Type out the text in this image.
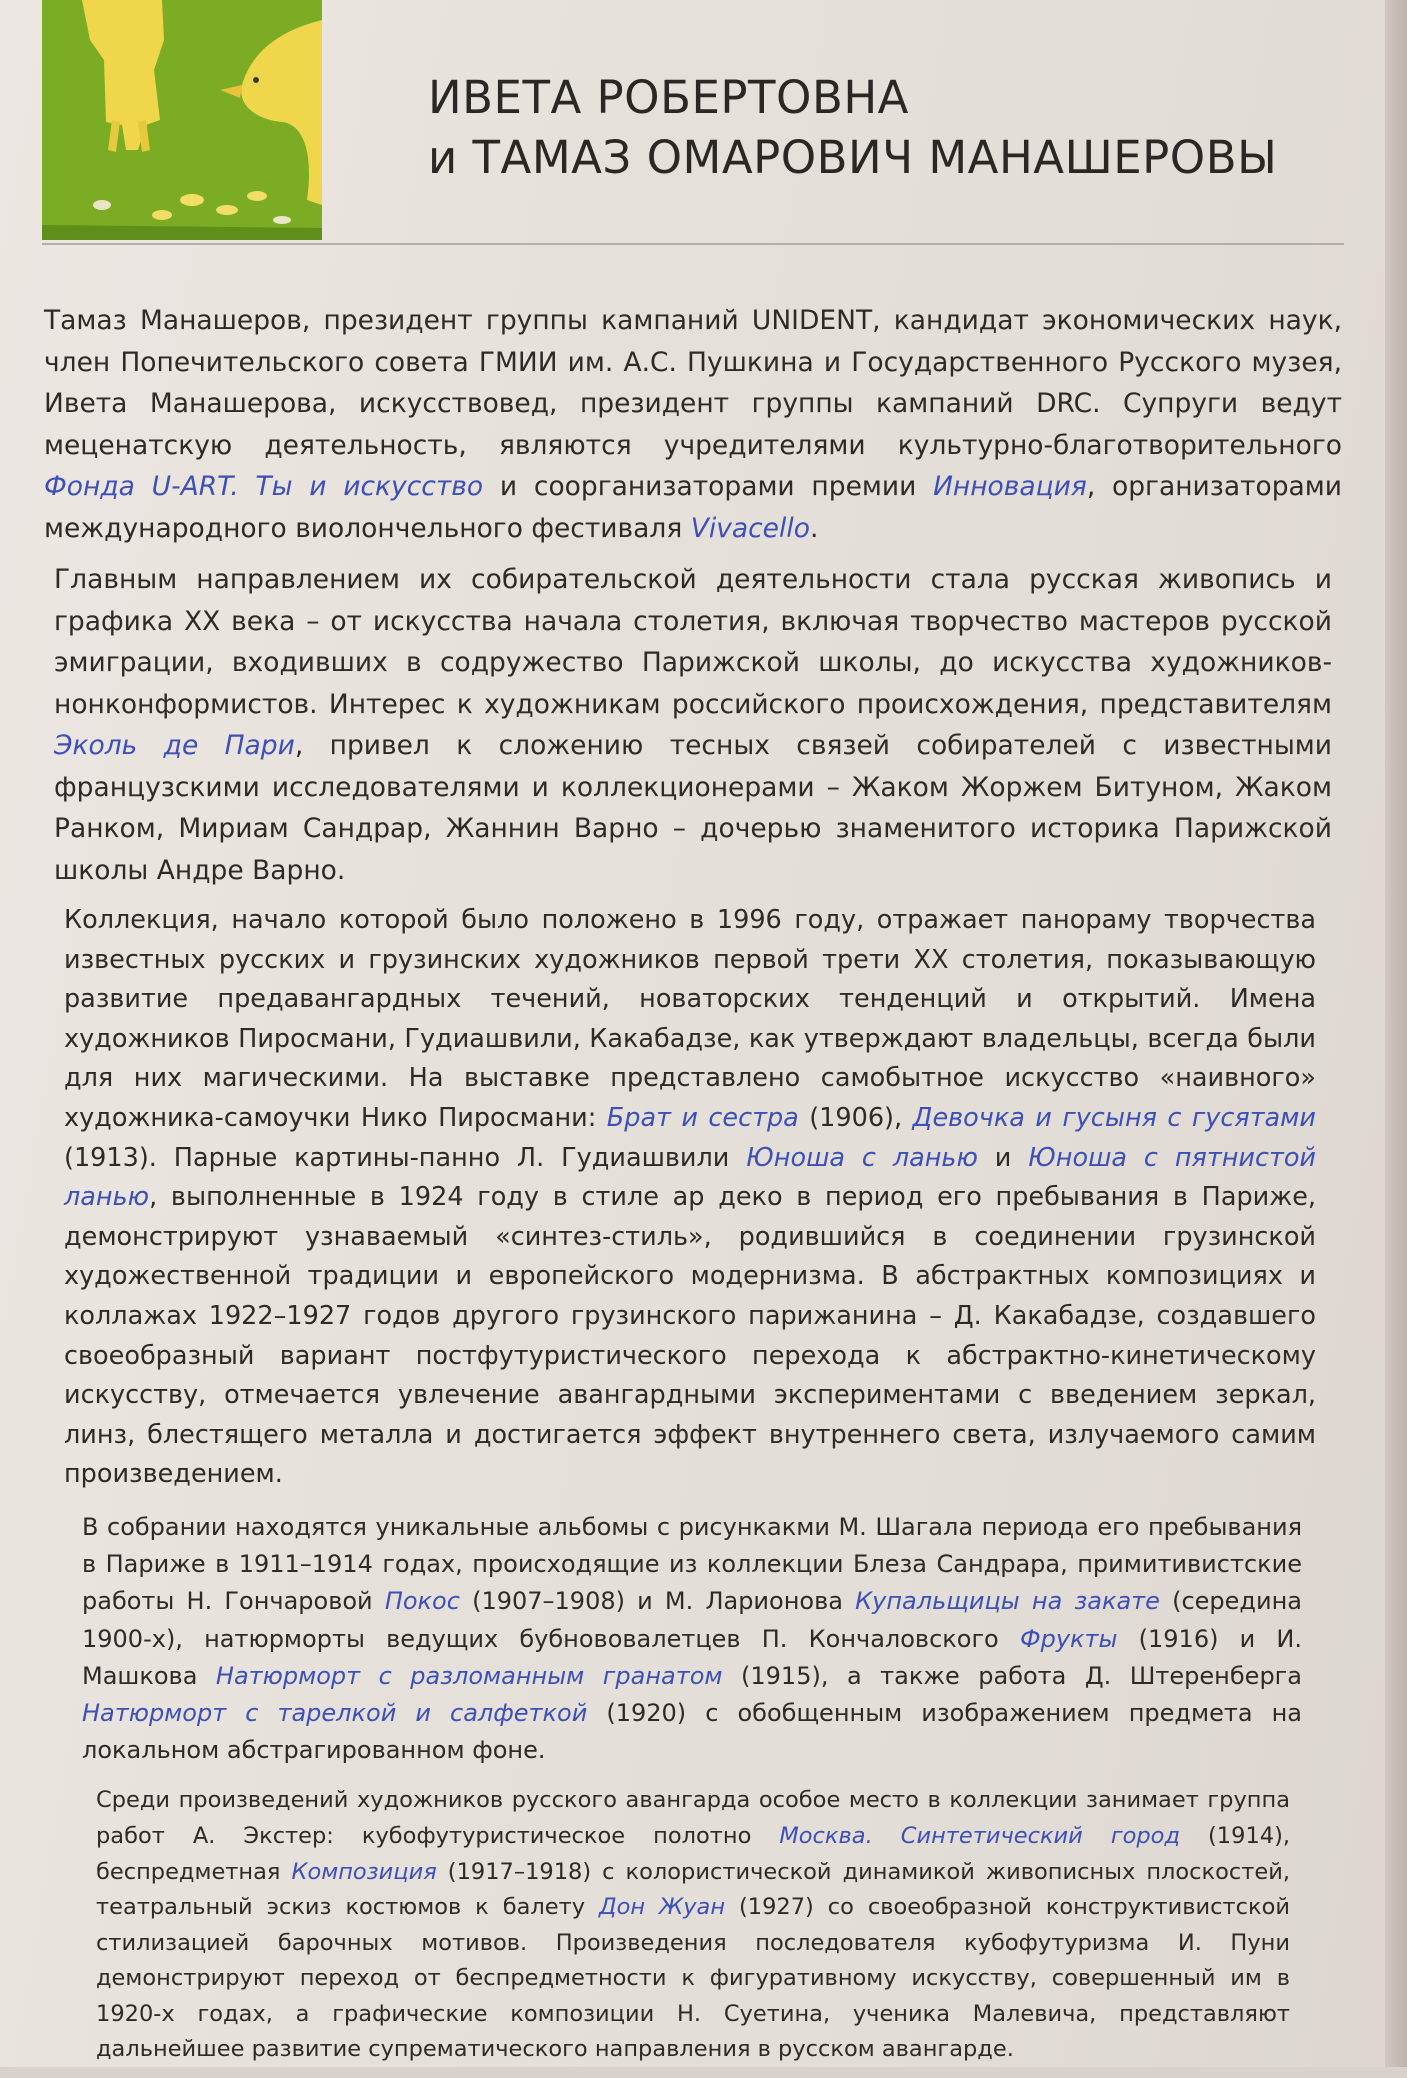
ИВЕТА РОБЕРТОВНА
и ТАМАЗ ОМАРОВИЧ МАНАШЕРОВЫ

Тамаз Манашеров, президент группы кампаний UNIDENT, кандидат экономических наук, член Попечительского совета ГМИИ им. А.С. Пушкина и Государственного Русского музея, Ивета Манашерова, искусствовед, президент группы кампаний DRC. Супруги ведут меценатскую деятельность, являются учредителями культурно-благотворительного Фонда U-ART. Ты и искусство и соорганизаторами премии Инновация, организаторами международного виолончельного фестиваля Vivacello.

Главным направлением их собирательской деятельности стала русская живопись и графика XX века – от искусства начала столетия, включая творчество мастеров русской эмиграции, входивших в содружество Парижской школы, до искусства художников-нонконформистов. Интерес к художникам российского происхождения, представителям Эколь де Пари, привел к сложению тесных связей собирателей с известными французскими исследователями и коллекционерами – Жаком Жоржем Битуном, Жаком Ранком, Мириам Сандрар, Жаннин Варно – дочерью знаменитого историка Парижской школы Андре Варно.

Коллекция, начало которой было положено в 1996 году, отражает панораму творчества известных русских и грузинских художников первой трети XX столетия, показывающую развитие предавангардных течений, новаторских тенденций и открытий. Имена художников Пиросмани, Гудиашвили, Какабадзе, как утверждают владельцы, всегда были для них магическими. На выставке представлено самобытное искусство «наивного» художника-самоучки Нико Пиросмани: Брат и сестра (1906), Девочка и гусыня с гусятами (1913). Парные картины-панно Л. Гудиашвили Юноша с ланью и Юноша с пятнистой ланью, выполненные в 1924 году в стиле ар деко в период его пребывания в Париже, демонстрируют узнаваемый «синтез-стиль», родившийся в соединении грузинской художественной традиции и европейского модернизма. В абстрактных композициях и коллажах 1922–1927 годов другого грузинского парижанина – Д. Какабадзе, создавшего своеобразный вариант постфутуристического перехода к абстрактно-кинетическому искусству, отмечается увлечение авангардными экспериментами с введением зеркал, линз, блестящего металла и достигается эффект внутреннего света, излучаемого самим произведением.

В собрании находятся уникальные альбомы с рисункакми М. Шагала периода его пребывания в Париже в 1911–1914 годах, происходящие из коллекции Блеза Сандрара, примитивистские работы Н. Гончаровой Покос (1907–1908) и М. Ларионова Купальщицы на закате (середина 1900-х), натюрморты ведущих бубнововалетцев П. Кончаловского Фрукты (1916) и И. Машкова Натюрморт с разломанным гранатом (1915), а также работа Д. Штеренберга Натюрморт с тарелкой и салфеткой (1920) с обобщенным изображением предмета на локальном абстрагированном фоне.

Среди произведений художников русского авангарда особое место в коллекции занимает группа работ А. Экстер: кубофутуристическое полотно Москва. Синтетический город (1914), беспредметная Композиция (1917–1918) с колористической динамикой живописных плоскостей, театральный эскиз костюмов к балету Дон Жуан (1927) со своеобразной конструктивистской стилизацией барочных мотивов. Произведения последователя кубофутуризма И. Пуни демонстрируют переход от беспредметности к фигуративному искусству, совершенный им в 1920-х годах, а графические композиции Н. Суетина, ученика Малевича, представляют дальнейшее развитие супрематического направления в русском авангарде.
